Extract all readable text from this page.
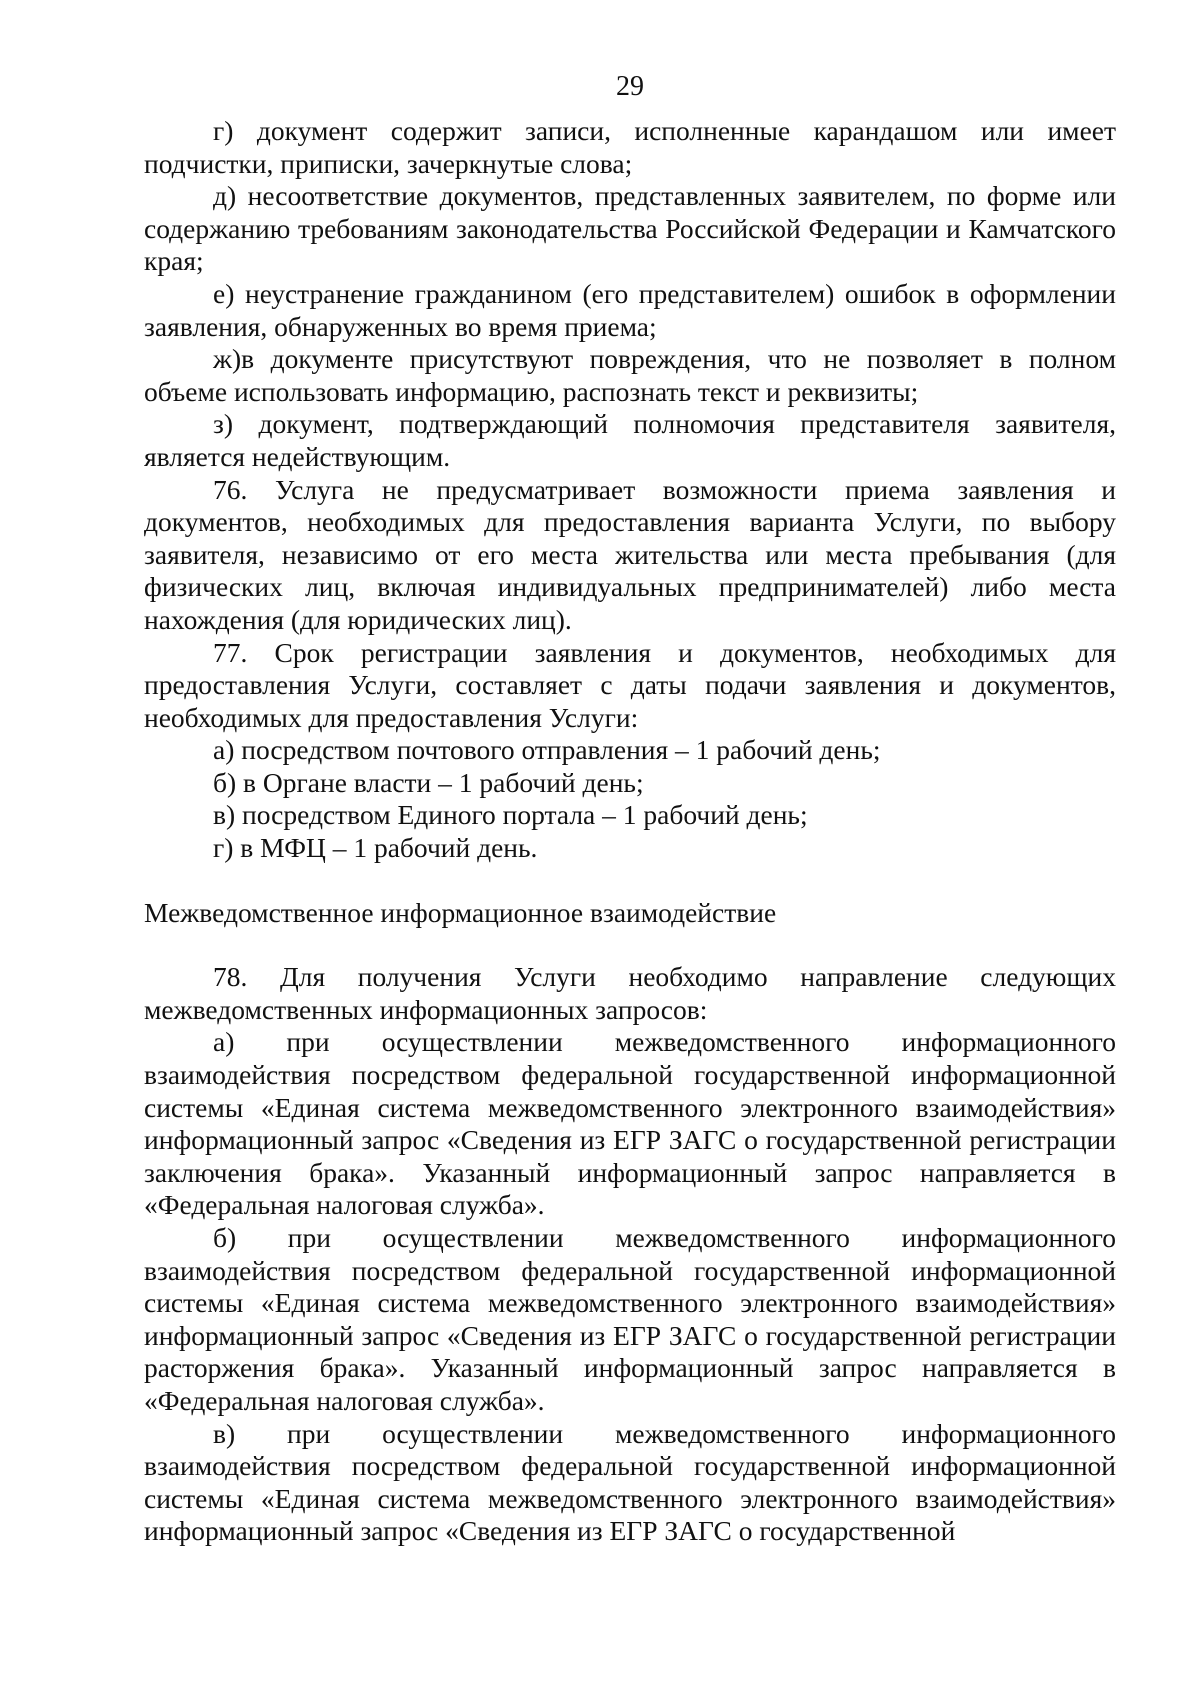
29

г) документ содержит записи, исполненные карандашом или имеет подчистки, приписки, зачеркнутые слова;

д) несоответствие документов, представленных заявителем, по форме или содержанию требованиям законодательства Российской Федерации и Камчатского края;

е) неустранение гражданином (его представителем) ошибок в оформлении заявления, обнаруженных во время приема;

ж)в документе присутствуют повреждения, что не позволяет в полном объеме использовать информацию, распознать текст и реквизиты;

з) документ, подтверждающий полномочия представителя заявителя, является недействующим.

76. Услуга не предусматривает возможности приема заявления и документов, необходимых для предоставления варианта Услуги, по выбору заявителя, независимо от его места жительства или места пребывания (для физических лиц, включая индивидуальных предпринимателей) либо места нахождения (для юридических лиц).

77. Срок регистрации заявления и документов, необходимых для предоставления Услуги, составляет с даты подачи заявления и документов, необходимых для предоставления Услуги:

а) посредством почтового отправления – 1 рабочий день;

б) в Органе власти – 1 рабочий день;

в) посредством Единого портала – 1 рабочий день;

г) в МФЦ – 1 рабочий день.

Межведомственное информационное взаимодействие

78. Для получения Услуги необходимо направление следующих межведомственных информационных запросов:

а) при осуществлении межведомственного информационного взаимодействия посредством федеральной государственной информационной системы «Единая система межведомственного электронного взаимодействия» информационный запрос «Сведения из ЕГР ЗАГС о государственной регистрации заключения брака». Указанный информационный запрос направляется в «Федеральная налоговая служба».

б) при осуществлении межведомственного информационного взаимодействия посредством федеральной государственной информационной системы «Единая система межведомственного электронного взаимодействия» информационный запрос «Сведения из ЕГР ЗАГС о государственной регистрации расторжения брака». Указанный информационный запрос направляется в «Федеральная налоговая служба».

в) при осуществлении межведомственного информационного взаимодействия посредством федеральной государственной информационной системы «Единая система межведомственного электронного взаимодействия» информационный запрос «Сведения из ЕГР ЗАГС о государственной
